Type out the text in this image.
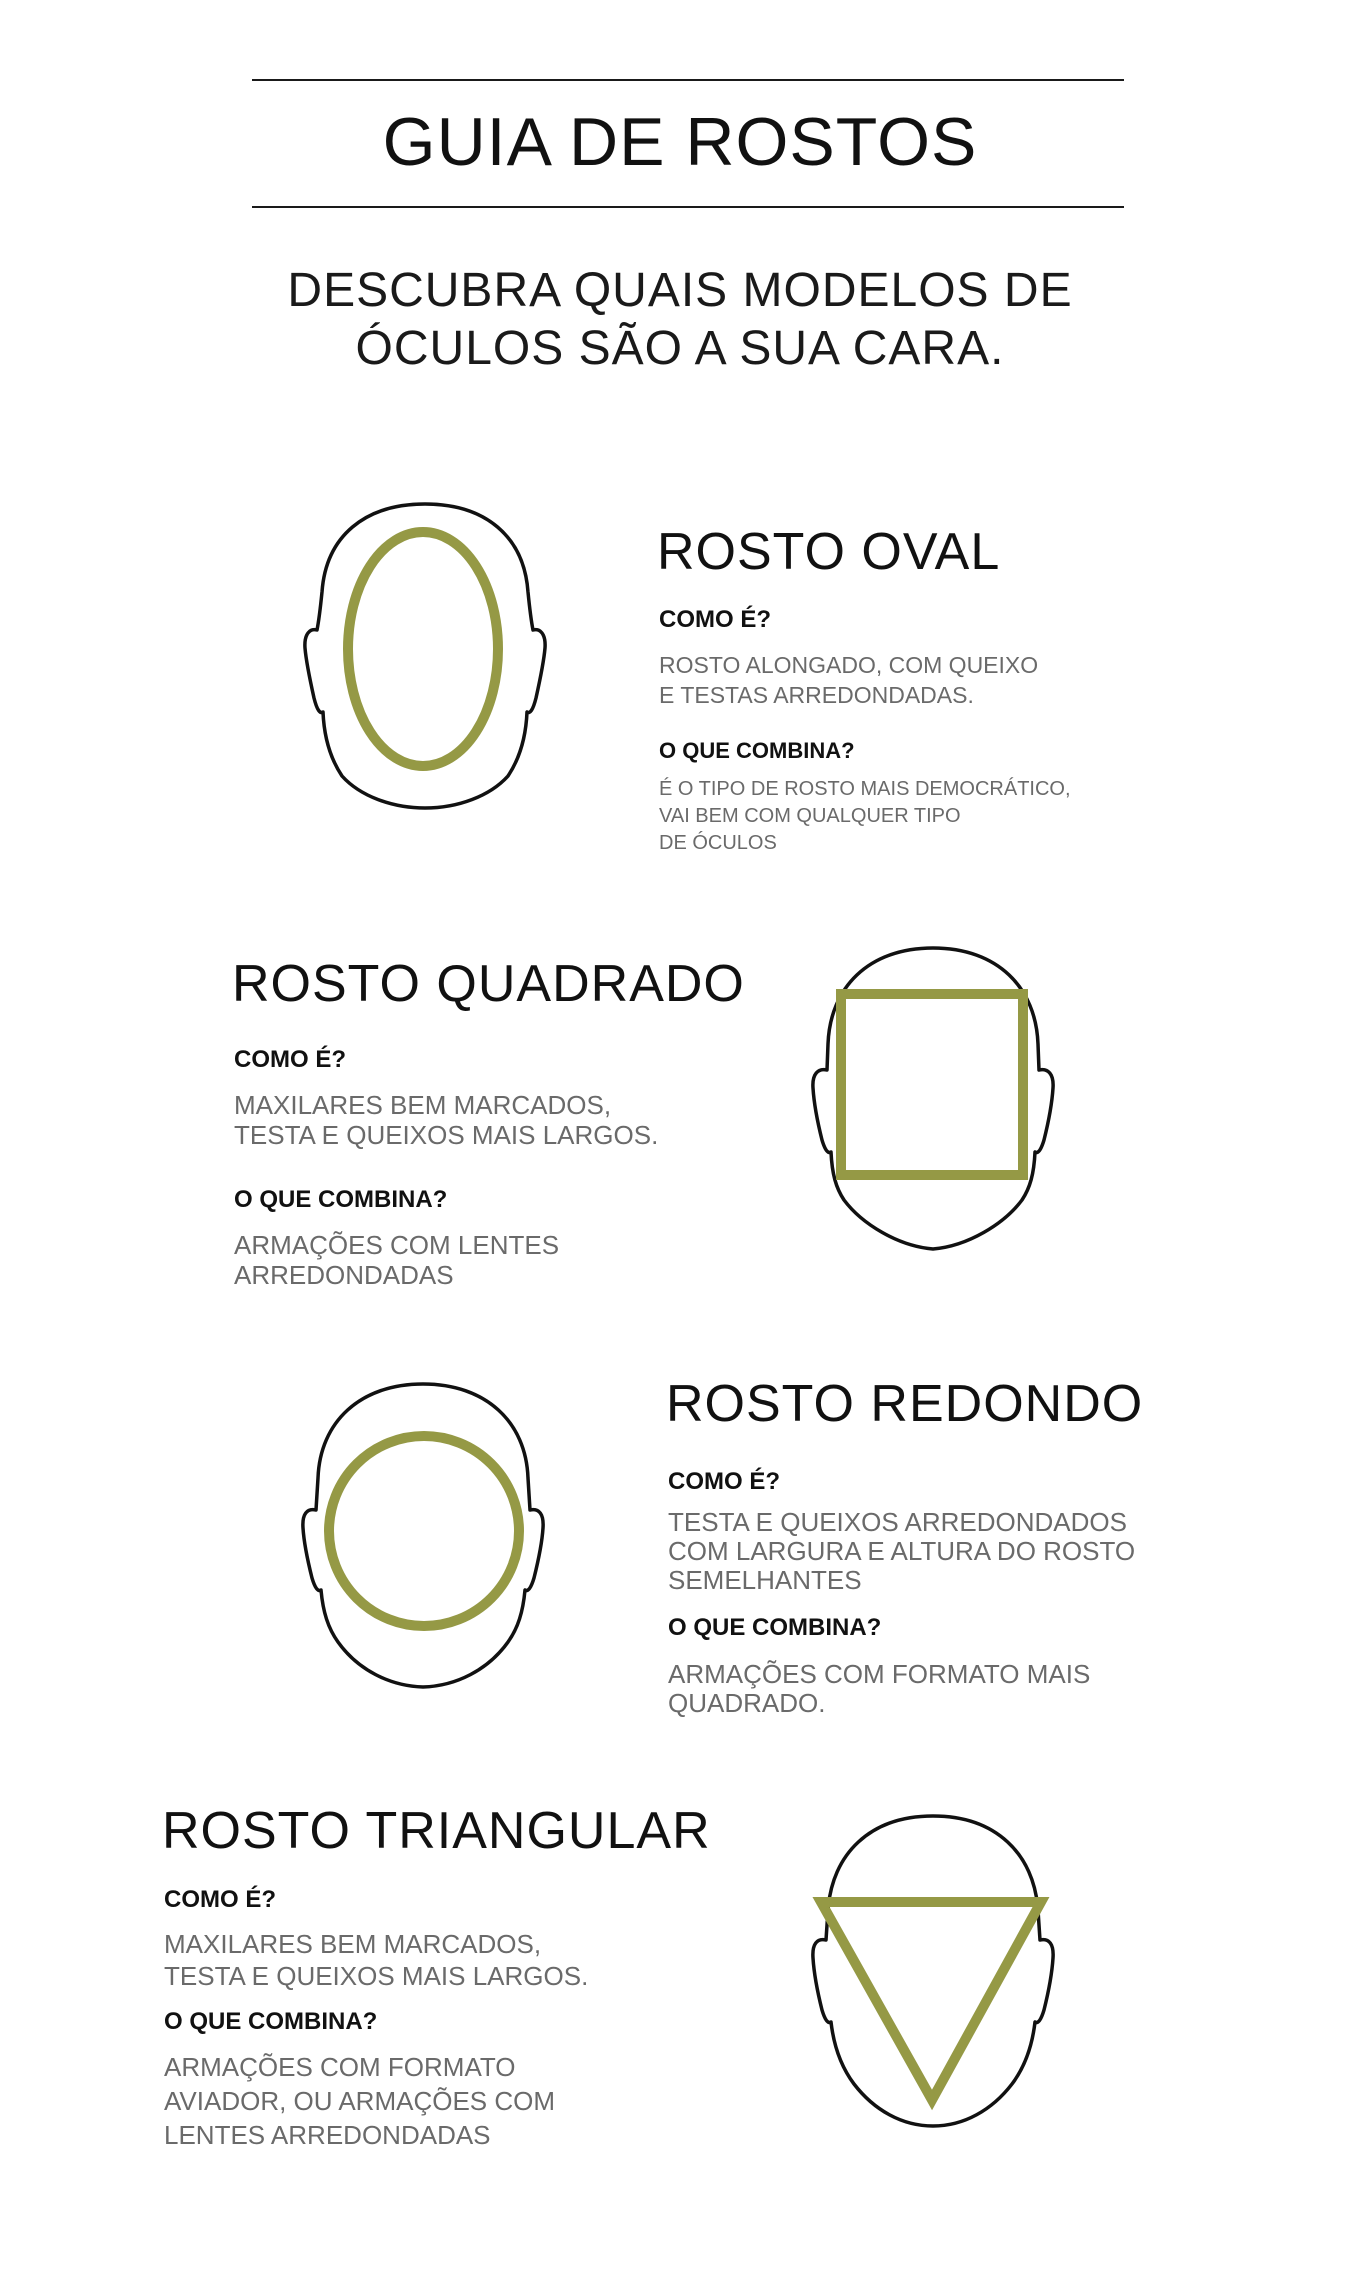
GUIA DE ROSTOS
DESCUBRA QUAIS MODELOS DE
ÓCULOS SÃO A SUA CARA.
ROSTO OVAL
COMO É?
ROSTO ALONGADO, COM QUEIXO
E TESTAS ARREDONDADAS.
O QUE COMBINA?
É O TIPO DE ROSTO MAIS DEMOCRÁTICO,
VAI BEM COM QUALQUER TIPO
DE ÓCULOS
ROSTO QUADRADO
COMO É?
MAXILARES BEM MARCADOS,
TESTA E QUEIXOS MAIS LARGOS.
O QUE COMBINA?
ARMAÇÕES COM LENTES
ARREDONDADAS
ROSTO REDONDO
COMO É?
TESTA E QUEIXOS ARREDONDADOS
COM LARGURA E ALTURA DO ROSTO
SEMELHANTES
O QUE COMBINA?
ARMAÇÕES COM FORMATO MAIS
QUADRADO.
ROSTO TRIANGULAR
COMO É?
MAXILARES BEM MARCADOS,
TESTA E QUEIXOS MAIS LARGOS.
O QUE COMBINA?
ARMAÇÕES COM FORMATO
AVIADOR, OU ARMAÇÕES COM
LENTES ARREDONDADAS
